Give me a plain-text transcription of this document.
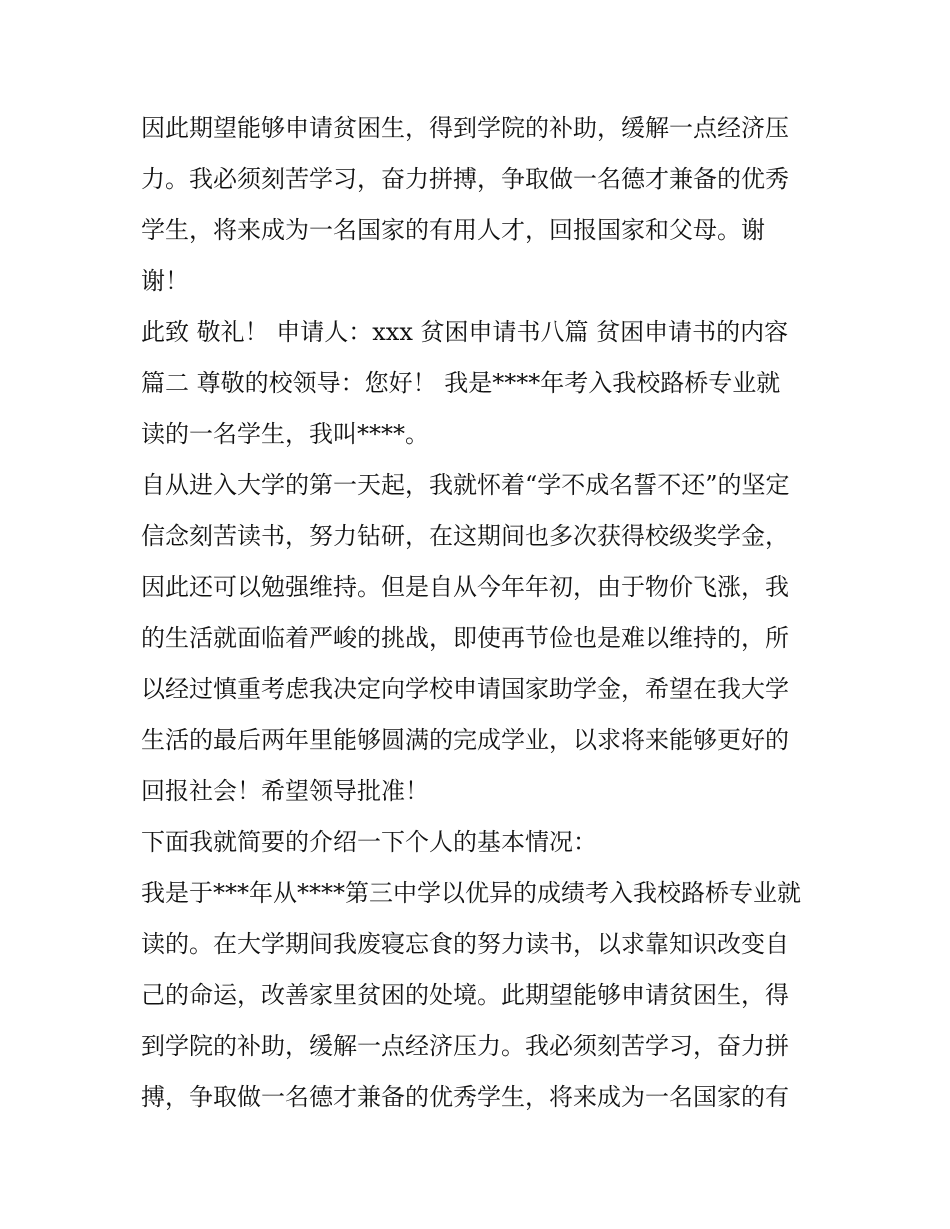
因此期望能够申请贫困生，得到学院的补助，缓解一点经济压
力。我必须刻苦学习，奋力拼搏，争取做一名德才兼备的优秀
学生，将来成为一名国家的有用人才，回报国家和父母。谢
谢！
此致 敬礼！ 申请人：xxx 贫困申请书八篇 贫困申请书的内容
篇二 尊敬的校领导：您好！ 我是****年考入我校路桥专业就
读的一名学生，我叫****。
自从进入大学的第一天起，我就怀着“学不成名誓不还”的坚定
信念刻苦读书，努力钻研，在这期间也多次获得校级奖学金，
因此还可以勉强维持。但是自从今年年初，由于物价飞涨，我
的生活就面临着严峻的挑战，即使再节俭也是难以维持的，所
以经过慎重考虑我决定向学校申请国家助学金，希望在我大学
生活的最后两年里能够圆满的完成学业，以求将来能够更好的
回报社会！希望领导批准！
下面我就简要的介绍一下个人的基本情况：
我是于***年从****第三中学以优异的成绩考入我校路桥专业就
读的。在大学期间我废寝忘食的努力读书，以求靠知识改变自
己的命运，改善家里贫困的处境。此期望能够申请贫困生，得
到学院的补助，缓解一点经济压力。我必须刻苦学习，奋力拼
搏，争取做一名德才兼备的优秀学生，将来成为一名国家的有
